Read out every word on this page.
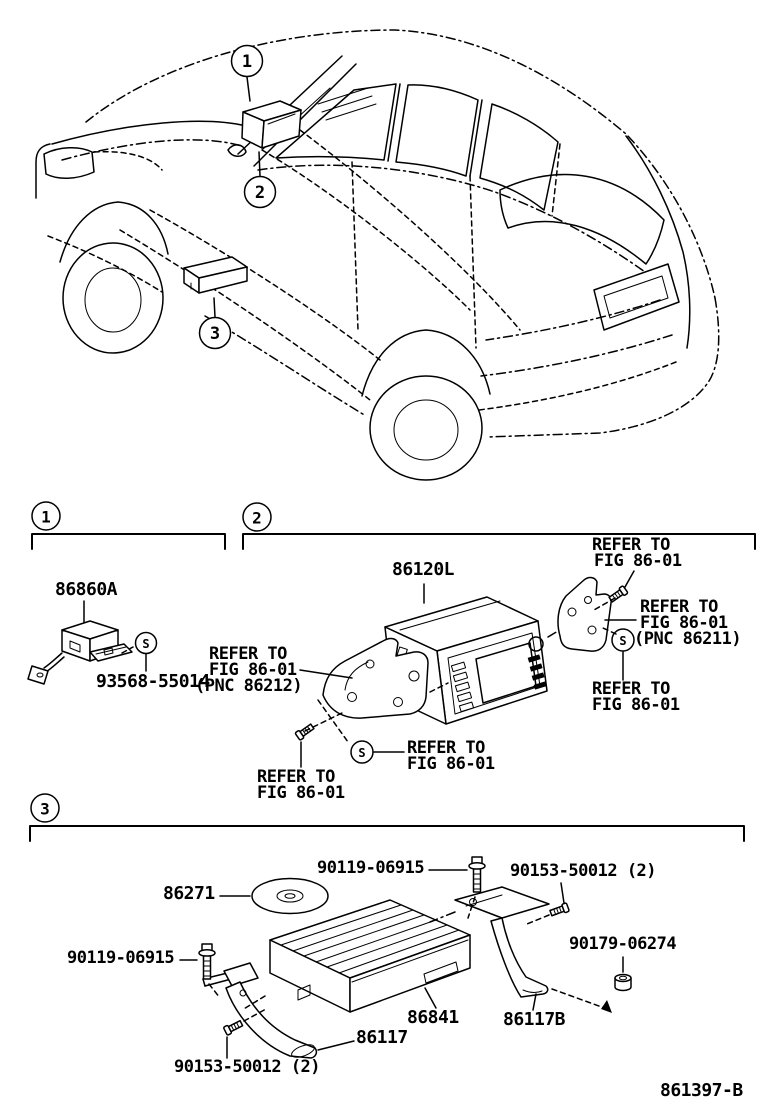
1
2
3
1	2
3
S
S
S
86860A
93568-55014
86120L
REFER TO
FIG 86-01
(PNC 86212)
REFER TO
FIG 86-01
REFER TO
FIG 86-01
(PNC 86211)
REFER TO
FIG 86-01
REFER TO
FIG 86-01
REFER TO
FIG 86-01
86271
90119-06915	90153-50012 (2)
90179-06274
90119-06915
86841 86117B
86117
90153-50012 (2)
861397-B
